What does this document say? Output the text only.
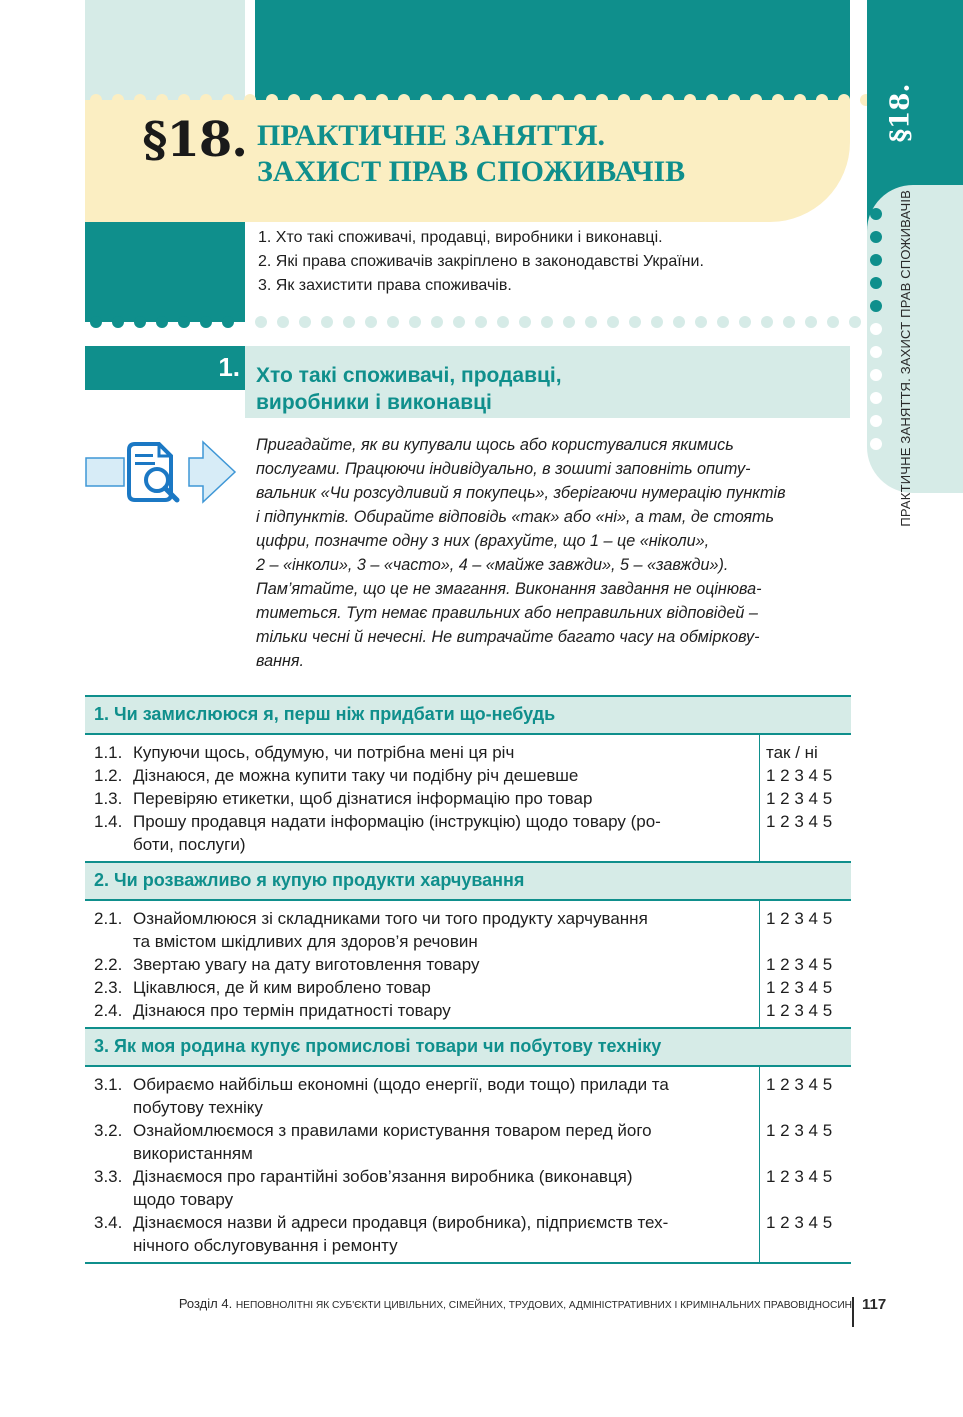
§18. ПРАКТИЧНЕ ЗАНЯТТЯ.
ЗАХИСТ ПРАВ СПОЖИВАЧІВ
1. Хто такі споживачі, продавці, виробники і виконавці.
2. Які права споживачів закріплено в законодавстві України.
3. Як захистити права споживачів.
1. Хто такі споживачі, продавці,
виробники і виконавці

Пригадайте, як ви купували щось або користувалися якимись
послугами. Працюючи індивідуально, в зошиті заповніть опиту-
вальник «Чи розсудливий я покупець», зберігаючи нумерацію пунктів
і підпунктів. Обирайте відповідь «так» або «ні», а там, де стоять
цифри, позначте одну з них (врахуйте, що 1 – це «ніколи»,
2 – «інколи», 3 – «часто», 4 – «майже завжди», 5 – «завжди»).
Пам’ятайте, що це не змагання. Виконання завдання не оцінюва-
тиметься. Тут немає правильних або неправильних відповідей –
тільки чесні й нечесні. Не витрачайте багато часу на обміркову-
вання.

1. Чи замислююся я, перш ніж придбати що-небудь
1.1. Купуючи щось, обдумую, чи потрібна мені ця річ
1.2. Дізнаюся, де можна купити таку чи подібну річ дешевше
1.3. Перевіряю етикетки, щоб дізнатися інформацію про товар
1.4. Прошу продавця надати інформацію (інструкцію) щодо товару (ро-
боти, послуги)
так / ні
1 2 3 4 5
1 2 3 4 5
1 2 3 4 5
2. Чи розважливо я купую продукти харчування
2.1. Ознайомлююся зі складниками того чи того продукту харчування
та вмістом шкідливих для здоров’я речовин
2.2. Звертаю увагу на дату виготовлення товару
2.3. Цікавлюся, де й ким вироблено товар
2.4. Дізнаюся про термін придатності товару
1 2 3 4 5
1 2 3 4 5
1 2 3 4 5
1 2 3 4 5
3. Як моя родина купує промислові товари чи побутову техніку
3.1. Обираємо найбільш економні (щодо енергії, води тощо) прилади та
побутову техніку
3.2. Ознайомлюємося з правилами користування товаром перед його
використанням
3.3. Дізнаємося про гарантійні зобов’язання виробника (виконавця)
щодо товару
3.4. Дізнаємося назви й адреси продавця (виробника), підприємств тех-
нічного обслуговування і ремонту
1 2 3 4 5
1 2 3 4 5
1 2 3 4 5
1 2 3 4 5
§18.
ПРАКТИЧНЕ ЗАНЯТТЯ. ЗАХИСТ ПРАВ СПОЖИВАЧІВ
Розділ 4. НЕПОВНОЛІТНІ ЯК СУБ'ЄКТИ ЦИВІЛЬНИХ, СІМЕЙНИХ, ТРУДОВИХ, АДМІНІСТРАТИВНИХ І КРИМІНАЛЬНИХ ПРАВОВІДНОСИН 117
